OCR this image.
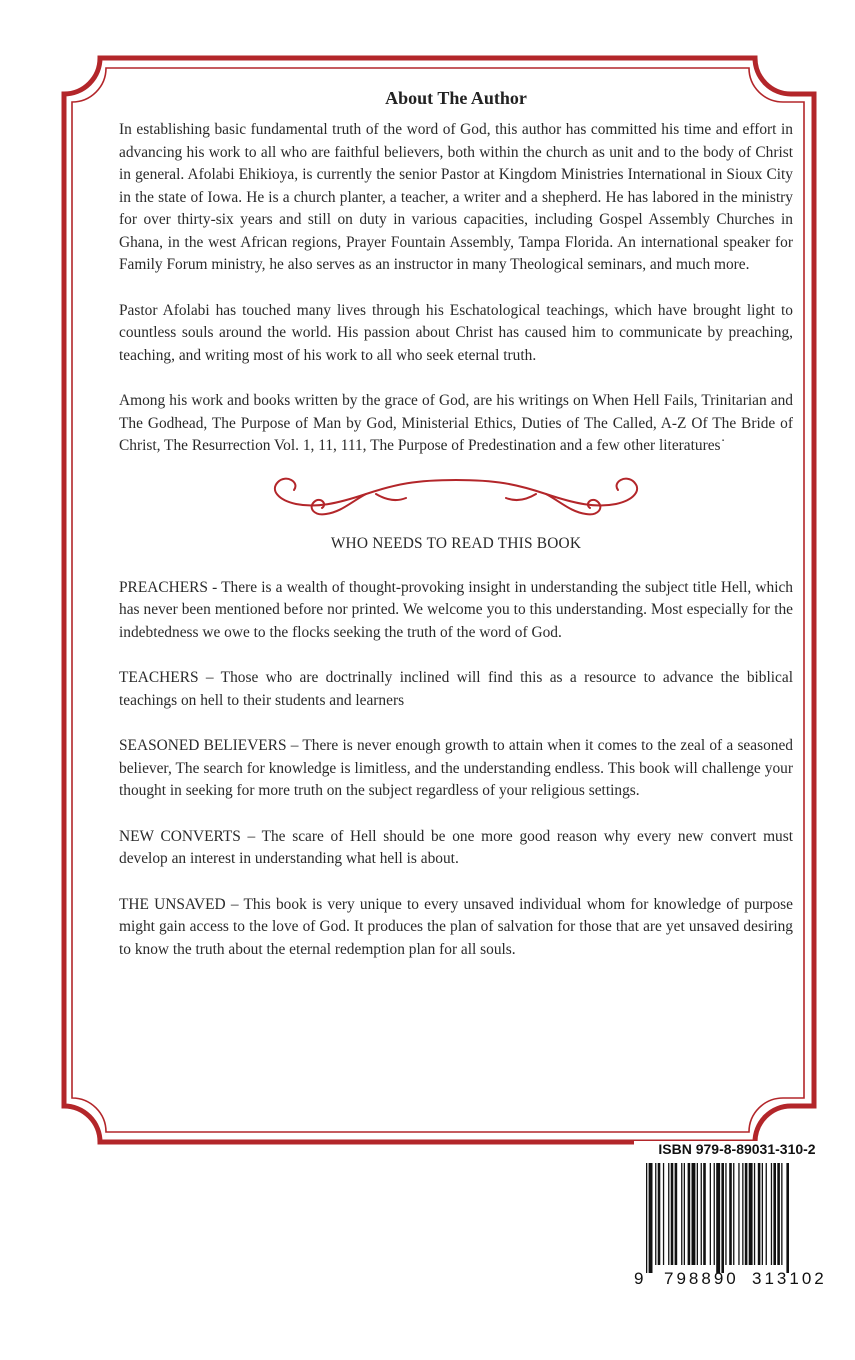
About The Author

In establishing basic fundamental truth of the word of God, this author has committed his time and effort in advancing his work to all who are faithful believers, both within the church as unit and to the body of Christ in general. Afolabi Ehikioya, is currently the senior Pastor at Kingdom Ministries International in Sioux City in the state of Iowa. He is a church planter, a teacher, a writer and a shepherd. He has labored in the ministry for over thirty-six years and still on duty in various capacities, including Gospel Assembly Churches in Ghana, in the west African regions, Prayer Fountain Assembly, Tampa Florida. An international speaker for Family Forum ministry, he also serves as an instructor in many Theological seminars, and much more.

Pastor Afolabi has touched many lives through his Eschatological teachings, which have brought light to countless souls around the world. His passion about Christ has caused him to communicate by preaching, teaching, and writing most of his work to all who seek eternal truth.

Among his work and books written by the grace of God, are his writings on When Hell Fails, Trinitarian and The Godhead, The Purpose of Man by God, Ministerial Ethics, Duties of The Called, A-Z Of The Bride of Christ, The Resurrection Vol. 1, 11, 111, The Purpose of Predestination and a few other literatures˙

WHO NEEDS TO READ THIS BOOK

PREACHERS - There is a wealth of thought-provoking insight in understanding the subject title Hell, which has never been mentioned before nor printed. We welcome you to this understanding. Most especially for the indebtedness we owe to the flocks seeking the truth of the word of God.

TEACHERS – Those who are doctrinally inclined will find this as a resource to advance the biblical teachings on hell to their students and learners

SEASONED BELIEVERS – There is never enough growth to attain when it comes to the zeal of a seasoned believer, The search for knowledge is limitless, and the understanding endless. This book will challenge your thought in seeking for more truth on the subject regardless of your religious settings.

NEW CONVERTS – The scare of Hell should be one more good reason why every new convert must develop an interest in understanding what hell is about.

THE UNSAVED – This book is very unique to every unsaved individual whom for knowledge of purpose might gain access to the love of God. It produces the plan of salvation for those that are yet unsaved desiring to know the truth about the eternal redemption plan for all souls.

ISBN 979-8-89031-310-2
9 798890 313102
